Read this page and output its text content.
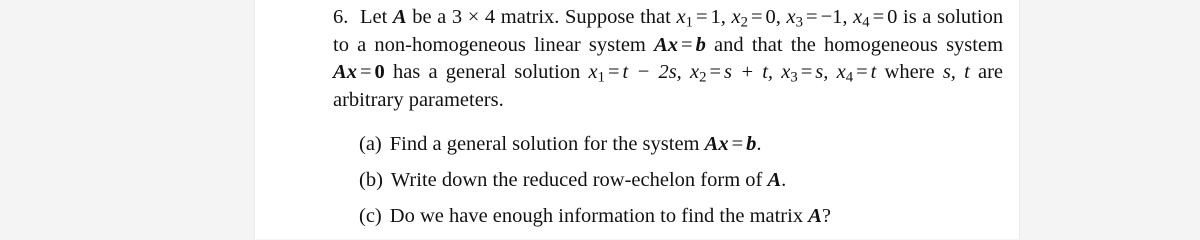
6. Let A be a 3 × 4 matrix. Suppose that x1 = 1, x2 = 0, x3 = −1, x4 = 0 is a solution to a non-homogeneous linear system Ax = b and that the homogeneous system Ax = 0 has a general solution x1 = t − 2s, x2 = s + t, x3 = s, x4 = t where s, t are arbitrary parameters.
(a) Find a general solution for the system Ax = b.
(b) Write down the reduced row-echelon form of A.
(c) Do we have enough information to find the matrix A?
